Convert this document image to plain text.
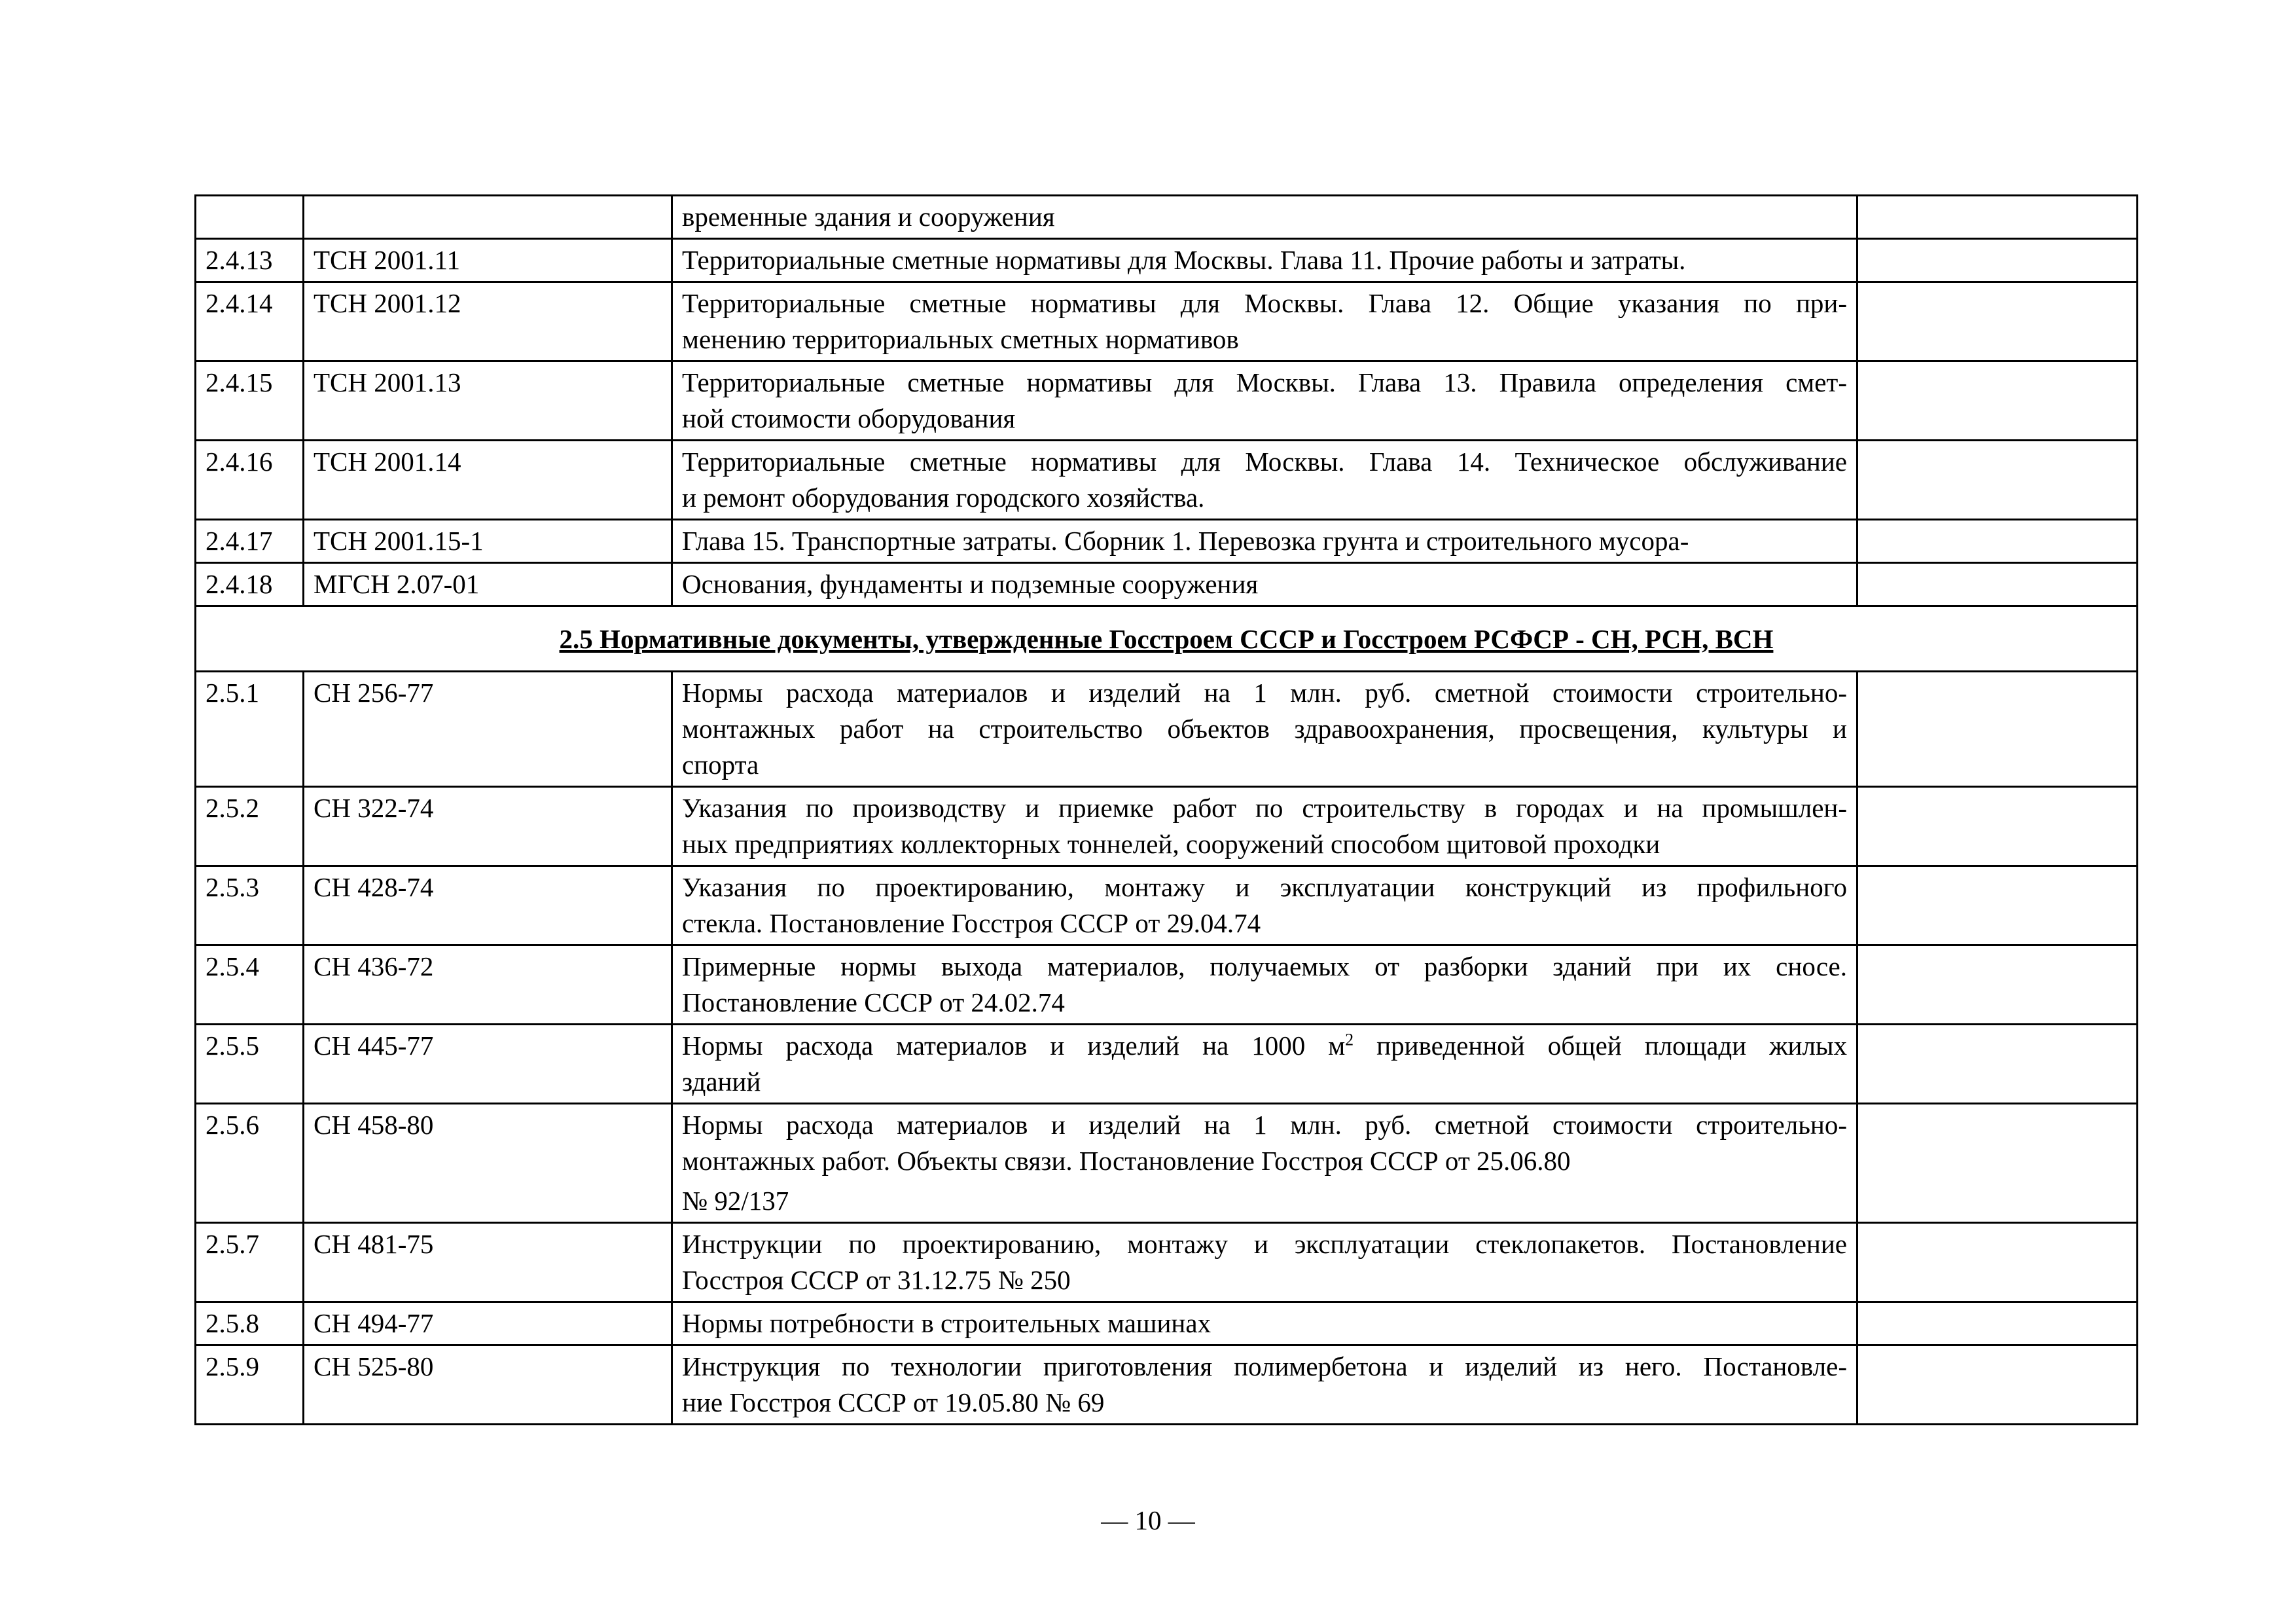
		временные здания и сооружения	

2.4.13	ТСН 2001.11	Территориальные сметные нормативы для Москвы. Глава 11. Прочие работы и затраты.	

2.4.14	ТСН 2001.12	Территориальные сметные нормативы для Москвы. Глава 12. Общие указания по при-
менению территориальных сметных нормативов	

2.4.15	ТСН 2001.13	Территориальные сметные нормативы для Москвы. Глава 13. Правила определения смет-
ной стоимости оборудования	

2.4.16	ТСН 2001.14	Территориальные сметные нормативы для Москвы. Глава 14. Техническое обслуживание
и ремонт оборудования городского хозяйства.	

2.4.17	ТСН 2001.15-1	Глава 15. Транспортные затраты. Сборник 1. Перевозка грунта и строительного мусора-	

2.4.18	МГСН 2.07-01	Основания, фундаменты и подземные сооружения	

2.5 Нормативные документы, утвержденные Госстроем СССР и Госстроем РСФСР - СН, РСН, ВСН			
2.5.1	СН 256-77	Нормы расхода материалов и изделий на 1 млн. руб. сметной стоимости строительно-
монтажных работ на строительство объектов здравоохранения, просвещения, культуры и
спорта	

2.5.2	СН 322-74	Указания по производству и приемке работ по строительству в городах и на промышлен-
ных предприятиях коллекторных тоннелей, сооружений способом щитовой проходки	

2.5.3	СН 428-74	Указания по проектированию, монтажу и эксплуатации конструкций из профильного
стекла. Постановление Госстроя СССР от 29.04.74	

2.5.4	СН 436-72	Примерные нормы выхода материалов, получаемых от разборки зданий при их сносе.
Постановление СССР от 24.02.74	

2.5.5	СН 445-77	Нормы расхода материалов и изделий на 1000 $м^2$ приведенной общей площади жилых
зданий	

2.5.6	СН 458-80	Нормы расхода материалов и изделий на 1 млн. руб. сметной стоимости строительно-
монтажных работ. Объекты связи. Постановление Госстроя СССР от 25.06.80
№ 92/137	

2.5.7	СН 481-75	Инструкции по проектированию, монтажу и эксплуатации стеклопакетов. Постановление
Госстроя СССР от 31.12.75 № 250	

2.5.8	СН 494-77	Нормы потребности в строительных машинах	

2.5.9	СН 525-80	Инструкция по технологии приготовления полимербетона и изделий из него. Постановле-
ние Госстроя СССР от 19.05.80 № 69	

— 10 —
